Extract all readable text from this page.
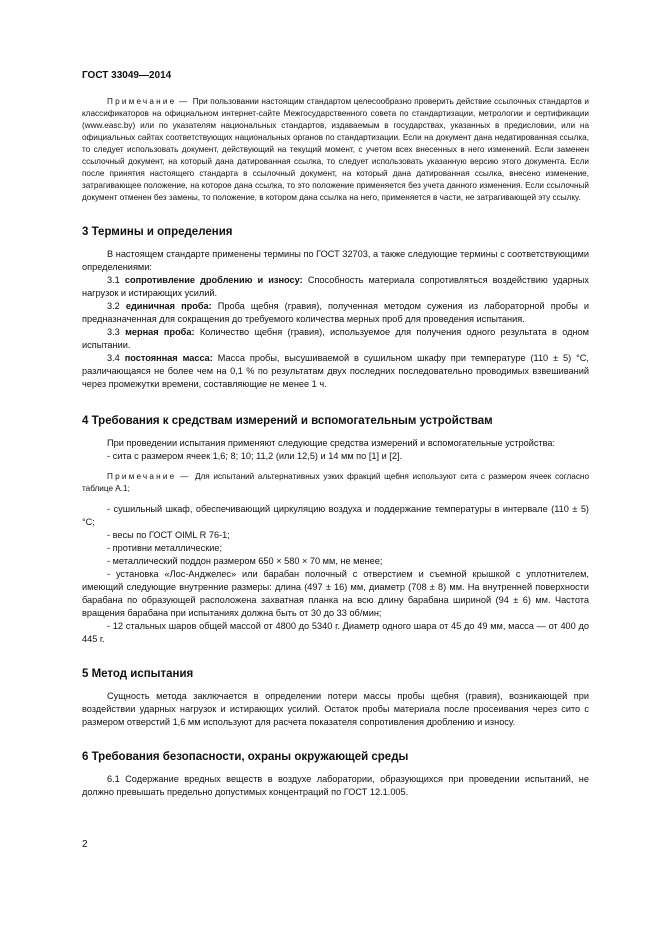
ГОСТ 33049—2014

Примечание — При пользовании настоящим стандартом целесообразно проверить действие ссылочных стандартов и классификаторов на официальном интернет-сайте Межгосударственного совета по стандартизации, метрологии и сертификации (www.easc.by) или по указателям национальных стандартов, издаваемым в государствах, указанных в предисловии, или на официальных сайтах соответствующих национальных органов по стандартизации. Если на документ дана недатированная ссылка, то следует использовать документ, действующий на текущий момент, с учетом всех внесенных в него изменений. Если заменен ссылочный документ, на который дана датированная ссылка, то следует использовать указанную версию этого документа. Если после принятия настоящего стандарта в ссылочный документ, на который дана датированная ссылка, внесено изменение, затрагивающее положение, на которое дана ссылка, то это положение применяется без учета данного изменения. Если ссылочный документ отменен без замены, то положение, в котором дана ссылка на него, применяется в части, не затрагивающей эту ссылку.

3 Термины и определения

В настоящем стандарте применены термины по ГОСТ 32703, а также следующие термины с соответствующими определениями:

3.1 сопротивление дроблению и износу: Способность материала сопротивляться воздействию ударных нагрузок и истирающих усилий.

3.2 единичная проба: Проба щебня (гравия), полученная методом сужения из лабораторной пробы и предназначенная для сокращения до требуемого количества мерных проб для проведения испытания.

3.3 мерная проба: Количество щебня (гравия), используемое для получения одного результата в одном испытании.

3.4 постоянная масса: Масса пробы, высушиваемой в сушильном шкафу при температуре (110 ± 5) °С, различающаяся не более чем на 0,1 % по результатам двух последних последовательно проводимых взвешиваний через промежутки времени, составляющие не менее 1 ч.

4 Требования к средствам измерений и вспомогательным устройствам

При проведении испытания применяют следующие средства измерений и вспомогательные устройства:

- сита с размером ячеек 1,6; 8; 10; 11,2 (или 12,5) и 14 мм по [1] и [2].

Примечание — Для испытаний альтернативных узких фракций щебня используют сита с размером ячеек согласно таблице А.1;

- сушильный шкаф, обеспечивающий циркуляцию воздуха и поддержание температуры в интервале (110 ± 5) °С;

- весы по ГОСТ OIML R 76-1;

- противни металлические;

- металлический поддон размером 650 × 580 × 70 мм, не менее;

- установка «Лос-Анджелес» или барабан полочный с отверстием и съемной крышкой с уплотнителем, имеющий следующие внутренние размеры: длина (497 ± 16) мм, диаметр (708 ± 8) мм. На внутренней поверхности барабана по образующей расположена захватная планка на всю длину барабана шириной (94 ± 6) мм. Частота вращения барабана при испытаниях должна быть от 30 до 33 об/мин;

- 12 стальных шаров общей массой от 4800 до 5340 г. Диаметр одного шара от 45 до 49 мм, масса — от 400 до 445 г.

5 Метод испытания

Сущность метода заключается в определении потери массы пробы щебня (гравия), возникающей при воздействии ударных нагрузок и истирающих усилий. Остаток пробы материала после просеивания через сито с размером отверстий 1,6 мм используют для расчета показателя сопротивления дроблению и износу.

6 Требования безопасности, охраны окружающей среды

6.1 Содержание вредных веществ в воздухе лаборатории, образующихся при проведении испытаний, не должно превышать предельно допустимых концентраций по ГОСТ 12.1.005.

2
